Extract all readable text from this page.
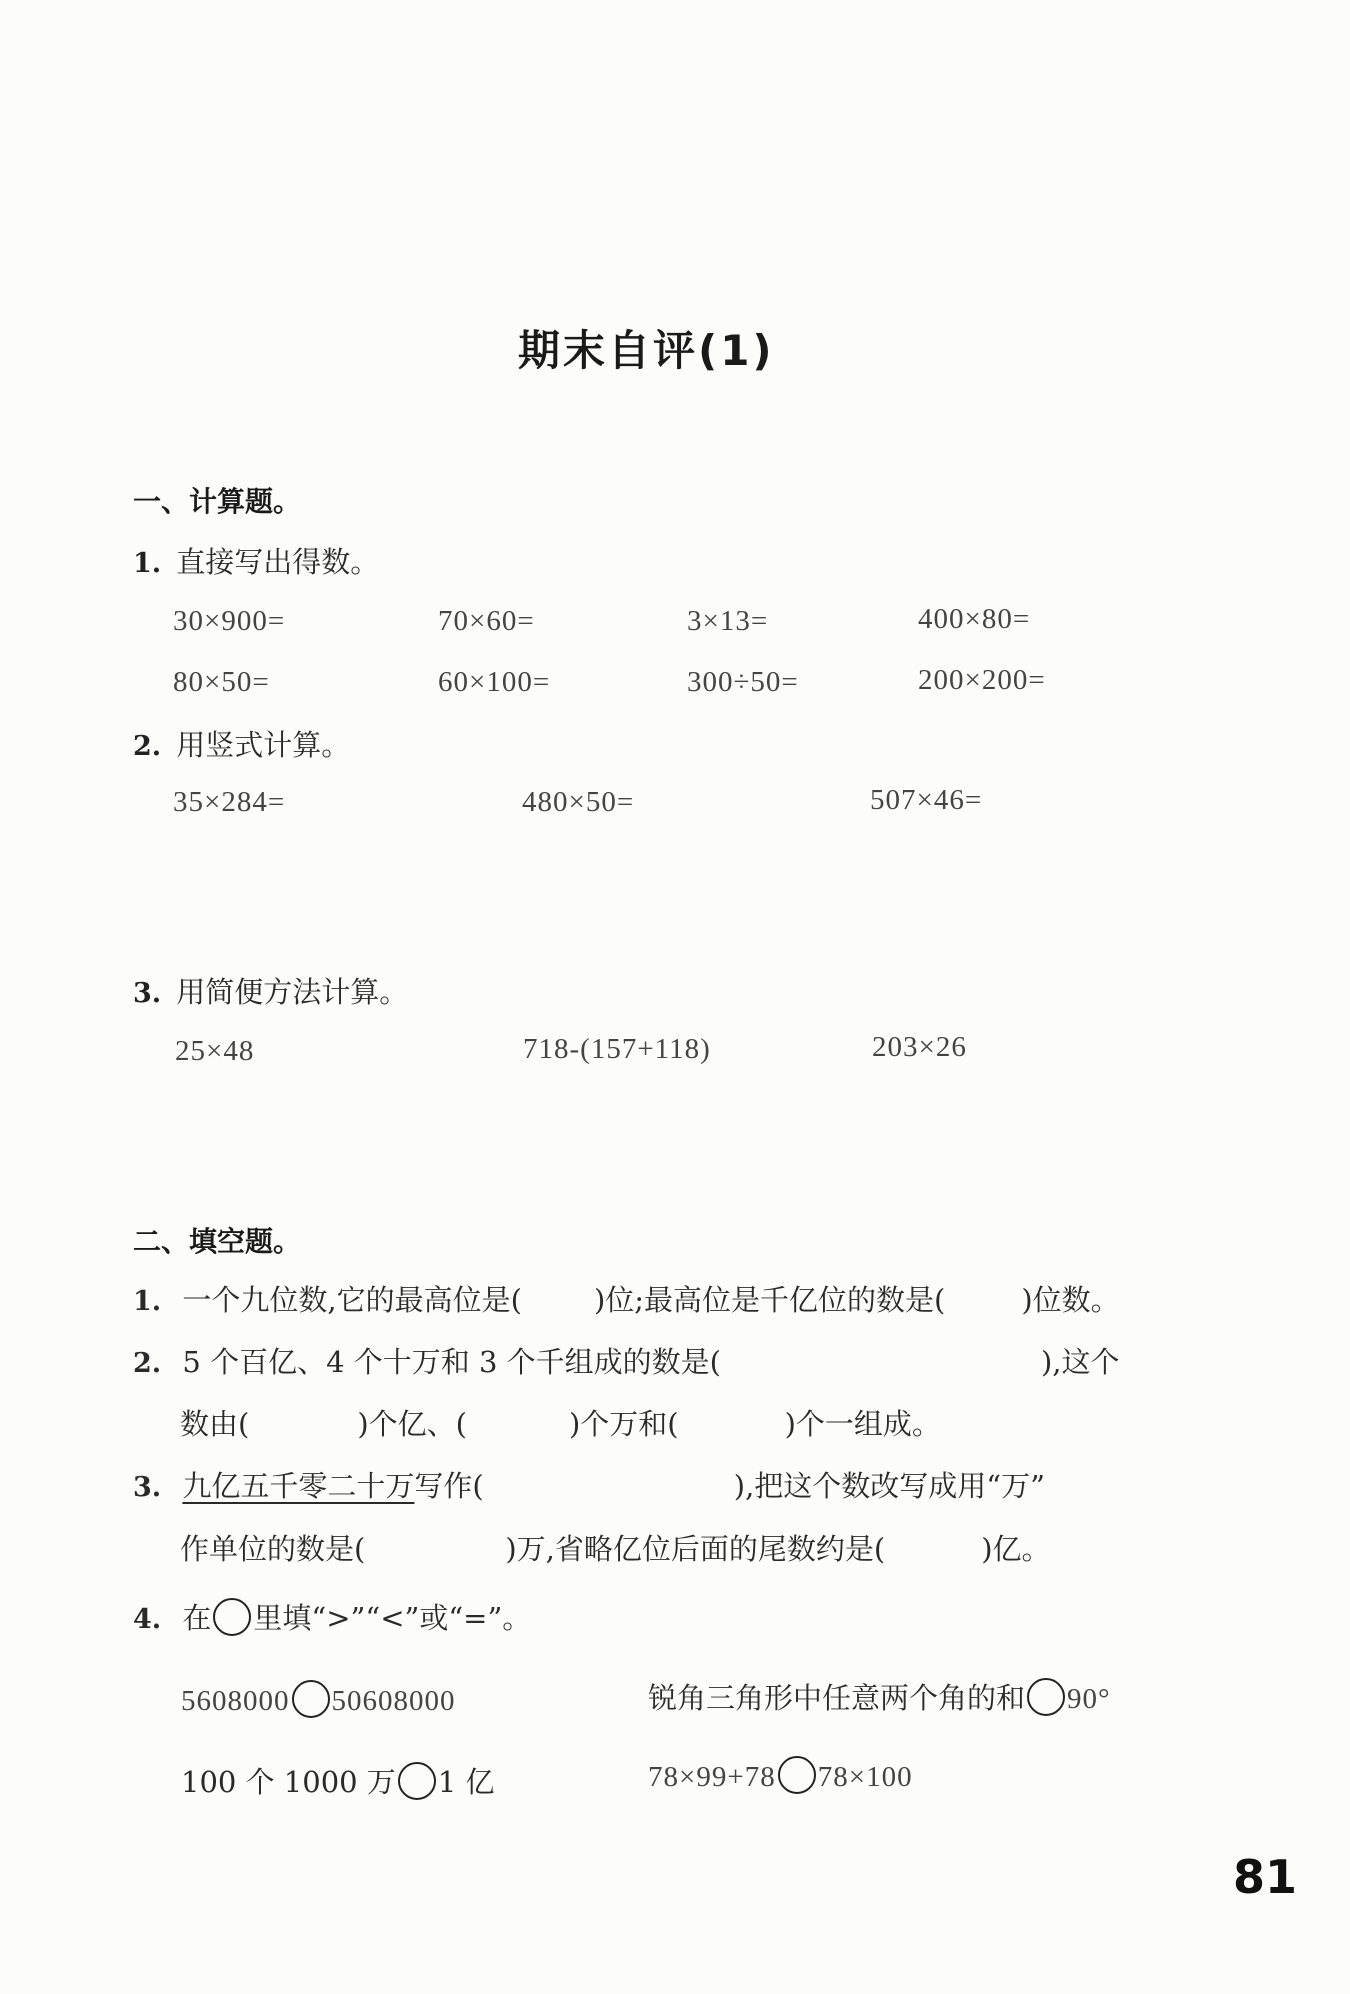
期末自评(1)
一、计算题。
1. 直接写出得数。
30×900=	70×60=	3×13=	400×80=
80×50=	60×100=	300÷50=	200×200=
2. 用竖式计算。
35×284=	480×50=	507×46=
3. 用简便方法计算。
25×48	718-(157+118)	203×26
二、填空题。
1. 一个九位数,它的最高位是( )位;最高位是千亿位的数是(	)位数。
2. 5 个百亿、4 个十万和 3 个千组成的数是(	),这个
数由(	)个亿、(	)个万和(	)个一组成。
3. 九亿五千零二十万写作(	),把这个数改写成用“万”
作单位的数是(	)万,省略亿位后面的尾数约是(	)亿。
4. 在 里填“>”“<”或“=”。
5608000 50608000	锐角三角形中任意两个角的和 90°
100 个 1000 万 1 亿	78×99+78 78×100
81
